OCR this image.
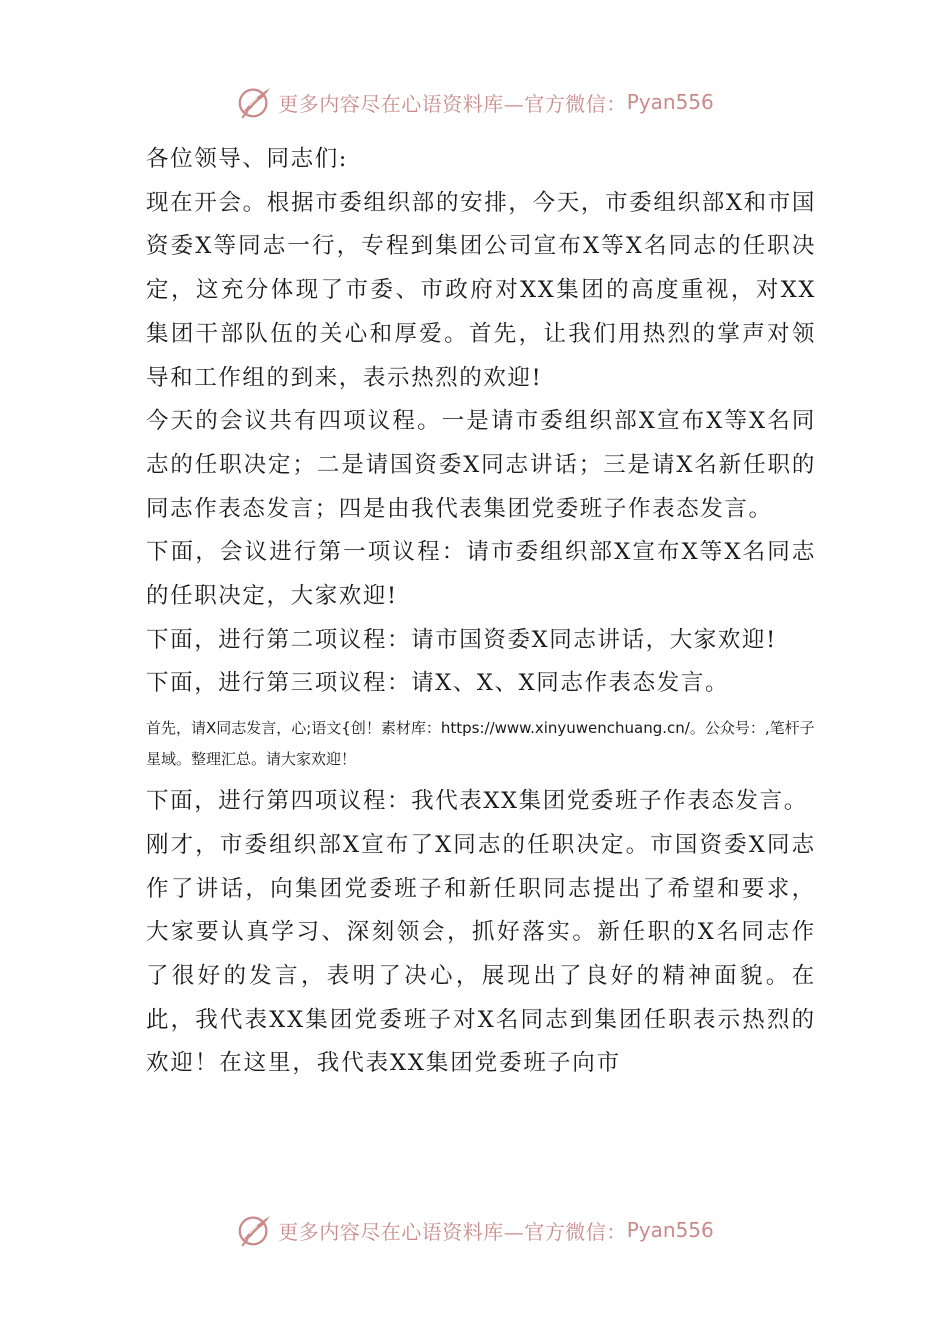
更多内容尽在心语资料库—官方微信： Pyan556

各位领导、同志们:

现在开会。根据市委组织部的安排，今天，市委组织部X和市国资委X等同志一行，专程到集团公司宣布X等X名同志的任职决定，这充分体现了市委、市政府对XX集团的高度重视，对XX集团干部队伍的关心和厚爱。首先，让我们用热烈的掌声对领导和工作组的到来，表示热烈的欢迎!

今天的会议共有四项议程。一是请市委组织部X宣布X等X名同志的任职决定；二是请国资委X同志讲话；三是请X名新任职的同志作表态发言；四是由我代表集团党委班子作表态发言。

下面，会议进行第一项议程：请市委组织部X宣布X等X名同志的任职决定，大家欢迎!

下面，进行第二项议程：请市国资委X同志讲话，大家欢迎!

下面，进行第三项议程：请X、X、X同志作表态发言。

首先，请X同志发言，心;语文{创！素材库：https://www.xinyuwenchuang.cn/。公众号：,笔杆子星域。整理汇总。请大家欢迎！

下面，进行第四项议程：我代表XX集团党委班子作表态发言。

刚才，市委组织部X宣布了X同志的任职决定。市国资委X同志作了讲话，向集团党委班子和新任职同志提出了希望和要求，大家要认真学习、深刻领会，抓好落实。新任职的X名同志作了很好的发言，表明了决心，展现出了良好的精神面貌。在此，我代表XX集团党委班子对X名同志到集团任职表示热烈的欢迎！在这里，我代表XX集团党委班子向市

更多内容尽在心语资料库—官方微信： Pyan556
